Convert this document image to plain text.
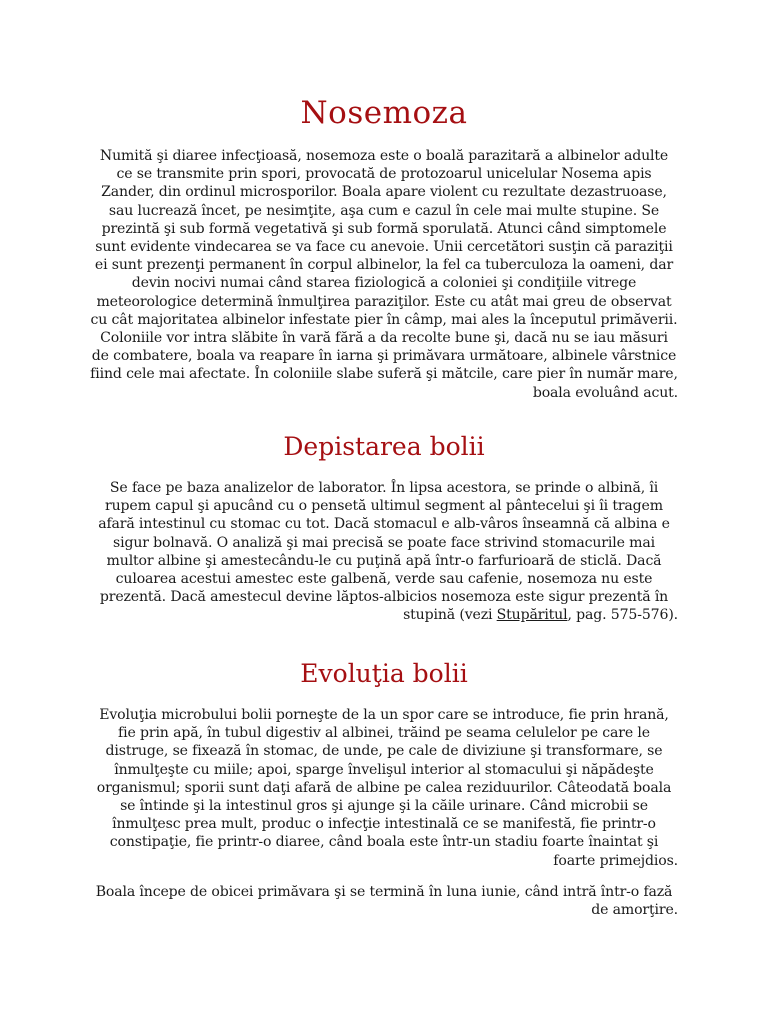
Nosemoza

Numită şi diaree infecţioasă, nosemoza este o boală parazitară a albinelor adulte ce se transmite prin spori, provocată de protozoarul unicelular Nosema apis Zander, din ordinul microsporilor. Boala apare violent cu rezultate dezastruoase, sau lucrează încet, pe nesimţite, aşa cum e cazul în cele mai multe stupine. Se prezintă şi sub formă vegetativă şi sub formă sporulată. Atunci când simptomele sunt evidente vindecarea se va face cu anevoie. Unii cercetători susţin că paraziţii ei sunt prezenţi permanent în corpul albinelor, la fel ca tuberculoza la oameni, dar devin nocivi numai când starea fiziologică a coloniei şi condiţiile vitrege meteorologice determină înmulţirea paraziţilor. Este cu atât mai greu de observat cu cât majoritatea albinelor infestate pier în câmp, mai ales la începutul primăverii. Coloniile vor intra slăbite în vară fără a da recolte bune şi, dacă nu se iau măsuri de combatere, boala va reapare în iarna şi primăvara următoare, albinele vârstnice fiind cele mai afectate. În coloniile slabe suferă şi mătcile, care pier în număr mare, boala evoluând acut.

Depistarea bolii

Se face pe baza analizelor de laborator. În lipsa acestora, se prinde o albină, îi rupem capul şi apucând cu o pensetă ultimul segment al pântecelui şi îi tragem afară intestinul cu stomac cu tot. Dacă stomacul e alb-vâros înseamnă că albina e sigur bolnavă. O analiză şi mai precisă se poate face strivind stomacurile mai multor albine şi amestecându-le cu puţină apă într-o farfurioară de sticlă. Dacă culoarea acestui amestec este galbenă, verde sau cafenie, nosemoza nu este prezentă. Dacă amestecul devine lăptos-albicios nosemoza este sigur prezentă în stupină (vezi Stupăritul, pag. 575-576).

Evoluţia bolii

Evoluţia microbului bolii porneşte de la un spor care se introduce, fie prin hrană, fie prin apă, în tubul digestiv al albinei, trăind pe seama celulelor pe care le distruge, se fixează în stomac, de unde, pe cale de diviziune şi transformare, se înmulţeşte cu miile; apoi, sparge învelişul interior al stomacului şi năpădeşte organismul; sporii sunt daţi afară de albine pe calea reziduurilor. Câteodată boala se întinde şi la intestinul gros şi ajunge şi la căile urinare. Când microbii se înmulţesc prea mult, produc o infecţie intestinală ce se manifestă, fie printr-o constipaţie, fie printr-o diaree, când boala este într-un stadiu foarte înaintat şi foarte primejdios.

Boala începe de obicei primăvara şi se termină în luna iunie, când intră într-o fază de amorţire.
